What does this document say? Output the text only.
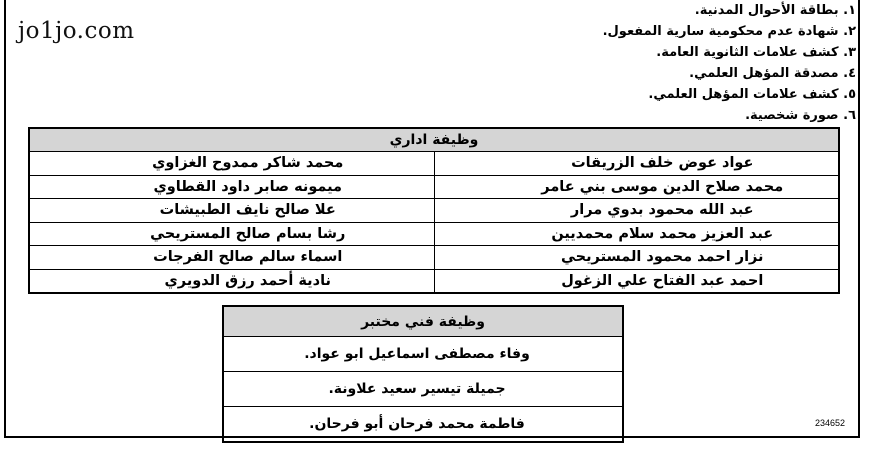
jo1jo.com
١. بطاقة الأحوال المدنية.
٢. شهادة عدم محكومية سارية المفعول.
٣. كشف علامات الثانوية العامة.
٤. مصدقة المؤهل العلمي.
٥. كشف علامات المؤهل العلمي.
٦. صورة شخصية.
وظيفة اداري	
عواد عوض خلف الزريقات	محمد شاكر ممدوح الغزاوي
محمد صلاح الدين موسى بني عامر	ميمونه صابر داود القطاوي
عبد الله محمود بدوي مرار	علا صالح نايف الطبيشات
عبد العزيز محمد سلام محمديين	رشا بسام صالح المستريحي
نزار احمد محمود المستريحي	اسماء سالم صالح الفرجات
احمد عبد الفتاح علي الزغول	نادية أحمد رزق الدويري
وظيفة فني مختبر
وفاء مصطفى اسماعيل ابو عواد.
جميلة تيسير سعيد علاونة.
فاطمة محمد فرحان أبو فرحان.	234652
